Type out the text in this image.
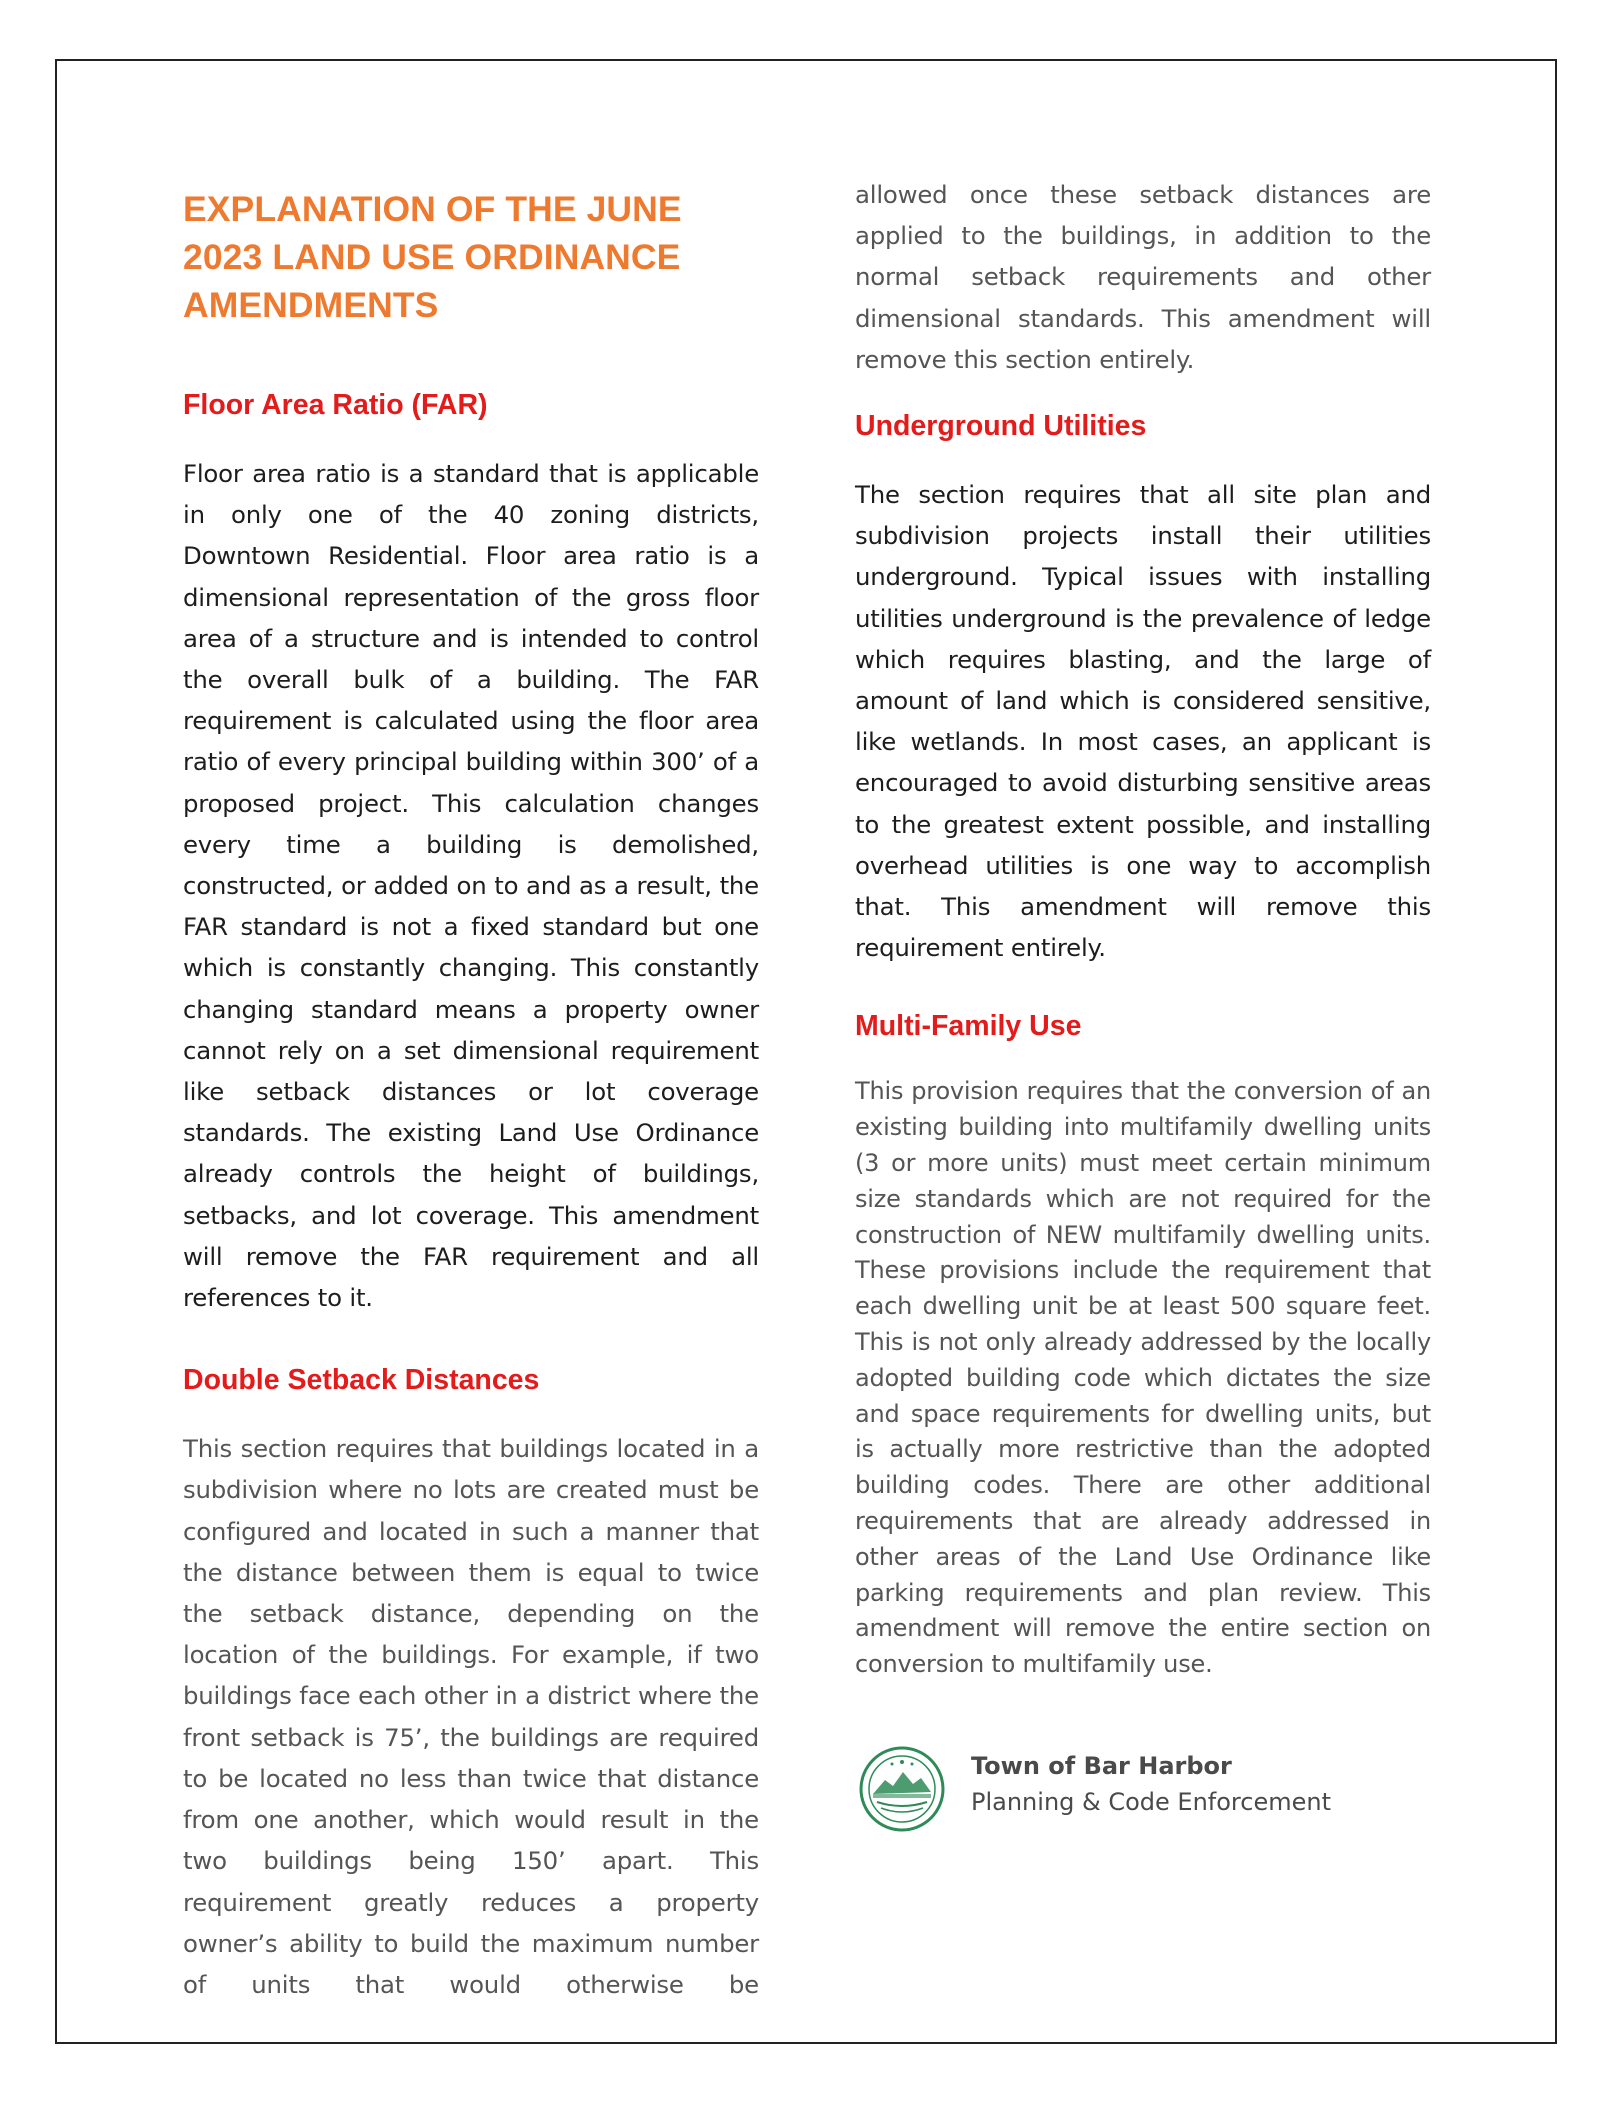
EXPLANATION OF THE JUNE 2023 LAND USE ORDINANCE AMENDMENTS
Floor Area Ratio (FAR)

Floor area ratio is a standard that is applicable in only one of the 40 zoning districts, Downtown Residential. Floor area ratio is a dimensional representation of the gross floor area of a structure and is intended to control the overall bulk of a building. The FAR requirement is calculated using the floor area ratio of every principal building within 300’ of a proposed project. This calculation changes every time a building is demolished, constructed, or added on to and as a result, the FAR standard is not a fixed standard but one which is constantly changing. This constantly changing standard means a property owner cannot rely on a set dimensional requirement like setback distances or lot coverage standards. The existing Land Use Ordinance already controls the height of buildings, setbacks, and lot coverage. This amendment will remove the FAR requirement and all references to it.

Double Setback Distances

This section requires that buildings located in a subdivision where no lots are created must be configured and located in such a manner that the distance between them is equal to twice the setback distance, depending on the location of the buildings. For example, if two buildings face each other in a district where the front setback is 75’, the buildings are required to be located no less than twice that distance from one another, which would result in the two buildings being 150’ apart. This requirement greatly reduces a property owner’s ability to build the maximum number of units that would otherwise be

allowed once these setback distances are applied to the buildings, in addition to the normal setback requirements and other dimensional standards. This amendment will remove this section entirely.

Underground Utilities

The section requires that all site plan and subdivision projects install their utilities underground. Typical issues with installing utilities underground is the prevalence of ledge which requires blasting, and the large of amount of land which is considered sensitive, like wetlands. In most cases, an applicant is encouraged to avoid disturbing sensitive areas to the greatest extent possible, and installing overhead utilities is one way to accomplish that. This amendment will remove this requirement entirely.

Multi-Family Use

This provision requires that the conversion of an existing building into multifamily dwelling units (3 or more units) must meet certain minimum size standards which are not required for the construction of NEW multifamily dwelling units. These provisions include the requirement that each dwelling unit be at least 500 square feet. This is not only already addressed by the locally adopted building code which dictates the size and space requirements for dwelling units, but is actually more restrictive than the adopted building codes. There are other additional requirements that are already addressed in other areas of the Land Use Ordinance like parking requirements and plan review. This amendment will remove the entire section on conversion to multifamily use.

Town of Bar Harbor
Planning & Code Enforcement
